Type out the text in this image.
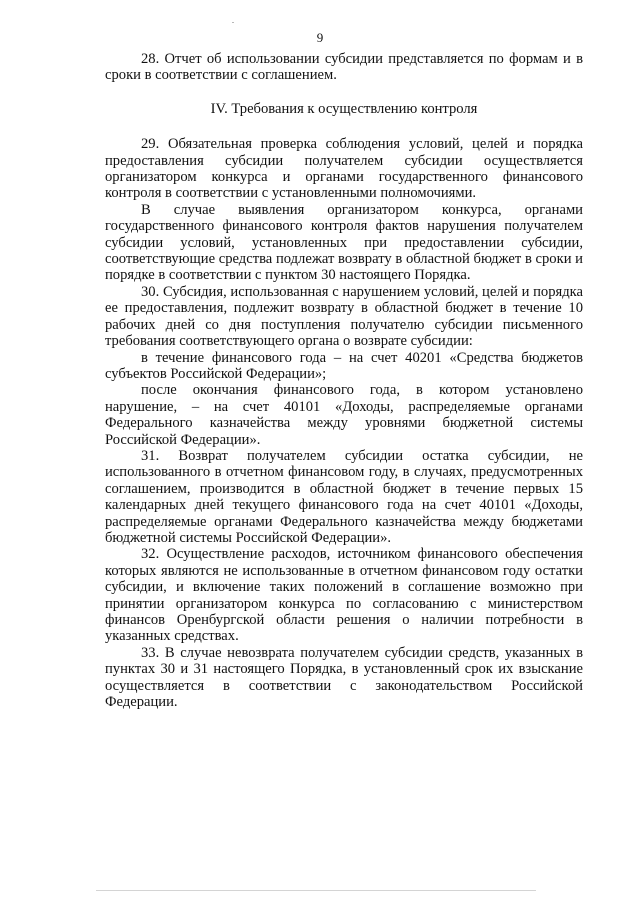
9

28. Отчет об использовании субсидии представляется по формам и в сроки в соответствии с соглашением.

IV. Требования к осуществлению контроля

29. Обязательная проверка соблюдения условий, целей и порядка предоставления субсидии получателем субсидии осуществляется организатором конкурса и органами государственного финансового контроля в соответствии с установленными полномочиями.

В случае выявления организатором конкурса, органами государственного финансового контроля фактов нарушения получателем субсидии условий, установленных при предоставлении субсидии, соответствующие средства подлежат возврату в областной бюджет в сроки и порядке в соответствии с пунктом 30 настоящего Порядка.

30. Субсидия, использованная с нарушением условий, целей и порядка ее предоставления, подлежит возврату в областной бюджет в течение 10 рабочих дней со дня поступления получателю субсидии письменного требования соответствующего органа о возврате субсидии:

в течение финансового года – на счет 40201 «Средства бюджетов субъектов Российской Федерации»;

после окончания финансового года, в котором установлено нарушение, – на счет 40101 «Доходы, распределяемые органами Федерального казначейства между уровнями бюджетной системы Российской Федерации».

31. Возврат получателем субсидии остатка субсидии, не использованного в отчетном финансовом году, в случаях, предусмотренных соглашением, производится в областной бюджет в течение первых 15 календарных дней текущего финансового года на счет 40101 «Доходы, распределяемые органами Федерального казначейства между бюджетами бюджетной системы Российской Федерации».

32. Осуществление расходов, источником финансового обеспечения которых являются не использованные в отчетном финансовом году остатки субсидии, и включение таких положений в соглашение возможно при принятии организатором конкурса по согласованию с министерством финансов Оренбургской области решения о наличии потребности в указанных средствах.

33. В случае невозврата получателем субсидии средств, указанных в пунктах 30 и 31 настоящего Порядка, в установленный срок их взыскание осуществляется в соответствии с законодательством Российской Федерации.
